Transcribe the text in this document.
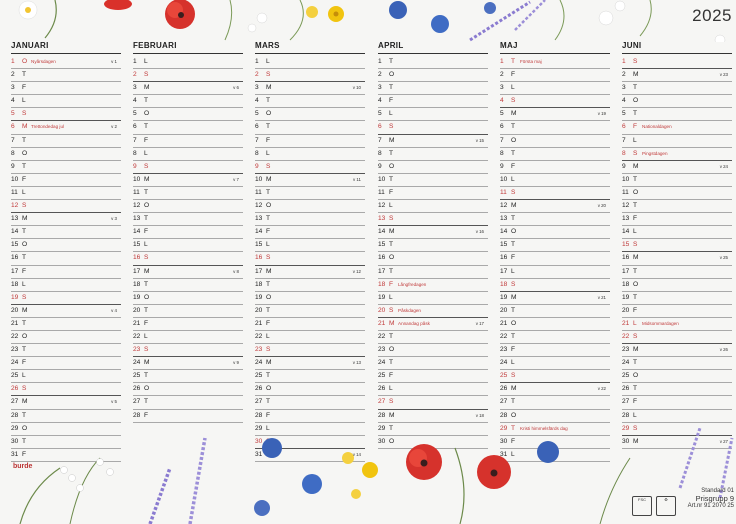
2025
JANUARI
1 O Nyårsdagen	v 1
2 T
3 F
4 L
5 S
6 M Trettondedag jul	v 2
7 T
8 O
9 T
10 F
11 L
12 S
13 M	v 3
14 T
15 O
16 T
17 F
18 L
19 S
20 M	v 4
21 T
22 O
23 T
24 F
25 L
26 S
27 M	v 5
28 T
29 O
30 T
31 F
FEBRUARI
1 L
2 S
3 M	v 6
4 T
5 O
6 T
7 F
8 L
9 S
10 M	v 7
11 T
12 O
13 T
14 F
15 L
16 S
17 M	v 8
18 T
19 O
20 T
21 F
22 L
23 S
24 M	v 9
25 T
26 O
27 T
28 F
MARS
1 L
2 S
3 M	v 10
4 T
5 O
6 T
7 F
8 L
9 S
10 M	v 11
11 T
12 O
13 T
14 F
15 L
16 S
17 M	v 12
18 T
19 O
20 T
21 F
22 L
23 S
24 M	v 13
25 T
26 O
27 T
28 F
29 L
30
31	v 14
APRIL
1 T
2 O
3 T
4 F
5 L
6 S
7 M	v 15
8 T
9 O
10 T
11 F
12 L
13 S
14 M	v 16
15 T
16 O
17 T
18 F Långfredagen
19 L
20 S Påskdagen
21 M Annandag påsk	v 17
22 T
23 O
24 T
25 F
26 L
27 S
28 M	v 18
29 T
30 O
MAJ
1 T Första maj
2 F
3 L
4 S
5 M	v 19
6 T
7 O
8 T
9 F
10 L
11 S
12 M	v 20
13 T
14 O
15 T
16 F
17 L
18 S
19 M	v 21
20 T
21 O
22 T
23 F
24 L
25 S
26 M	v 22
27 T
28 O
29 T Kristi himmelsfärds dag
30 F
31 L
JUNI
1 S
2 M	v 23
3 T
4 O
5 T
6 F Nationaldagen
7 L
8 S Pingstdagen
9 M	v 24
10 T
11 O
12 T
13 F
14 L
15 S
16 M	v 25
17 T
18 O
19 T
20 F
21 L Midsommardagen
22 S
23 M	v 26
24 T
25 O
26 T
27 F
28 L
29 S
30 M	v 27
burde
Standard 01
Prisgrupp 9
Art.nr 91 2070 25
FSC	♻
